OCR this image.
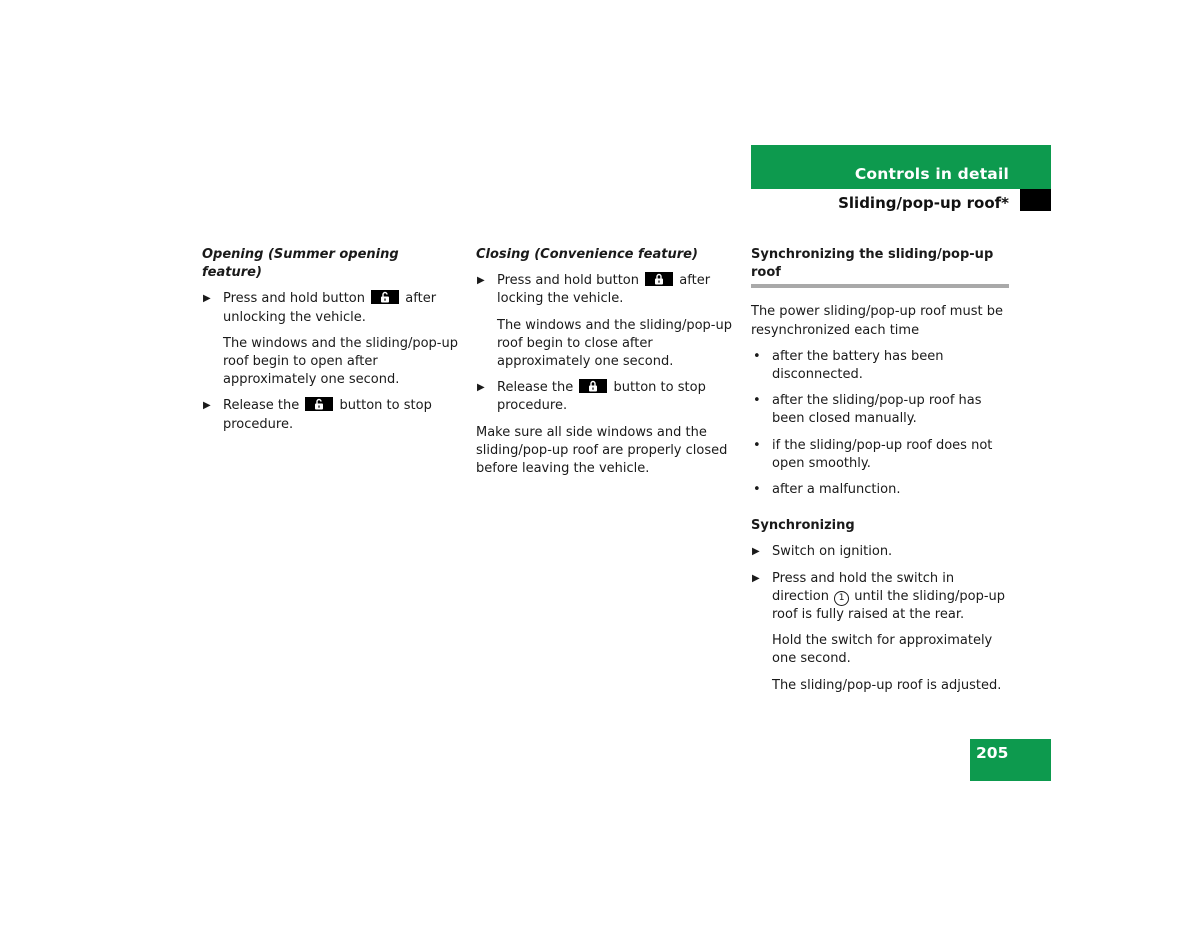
Controls in detail
Sliding/pop-up roof*
Opening (Summer opening feature)
▶ Press and hold button	after unlocking the vehicle.
The windows and the sliding/pop-up roof begin to open after approximately one second.
▶ Release the	button to stop procedure.
Closing (Convenience feature)
▶ Press and hold button	after locking the vehicle.
The windows and the sliding/pop-up roof begin to close after approximately one second.
▶ Release the	button to stop procedure.
Make sure all side windows and the sliding/pop-up roof are properly closed before leaving the vehicle.
Synchronizing the sliding/pop-up roof
The power sliding/pop-up roof must be resynchronized each time
• after the battery has been disconnected.
• after the sliding/pop-up roof has been closed manually.
• if the sliding/pop-up roof does not open smoothly.
• after a malfunction.
Synchronizing
▶ Switch on ignition.
▶ Press and hold the switch in direction 1 until the sliding/pop-up roof is fully raised at the rear.
Hold the switch for approximately one second.
The sliding/pop-up roof is adjusted.
205
